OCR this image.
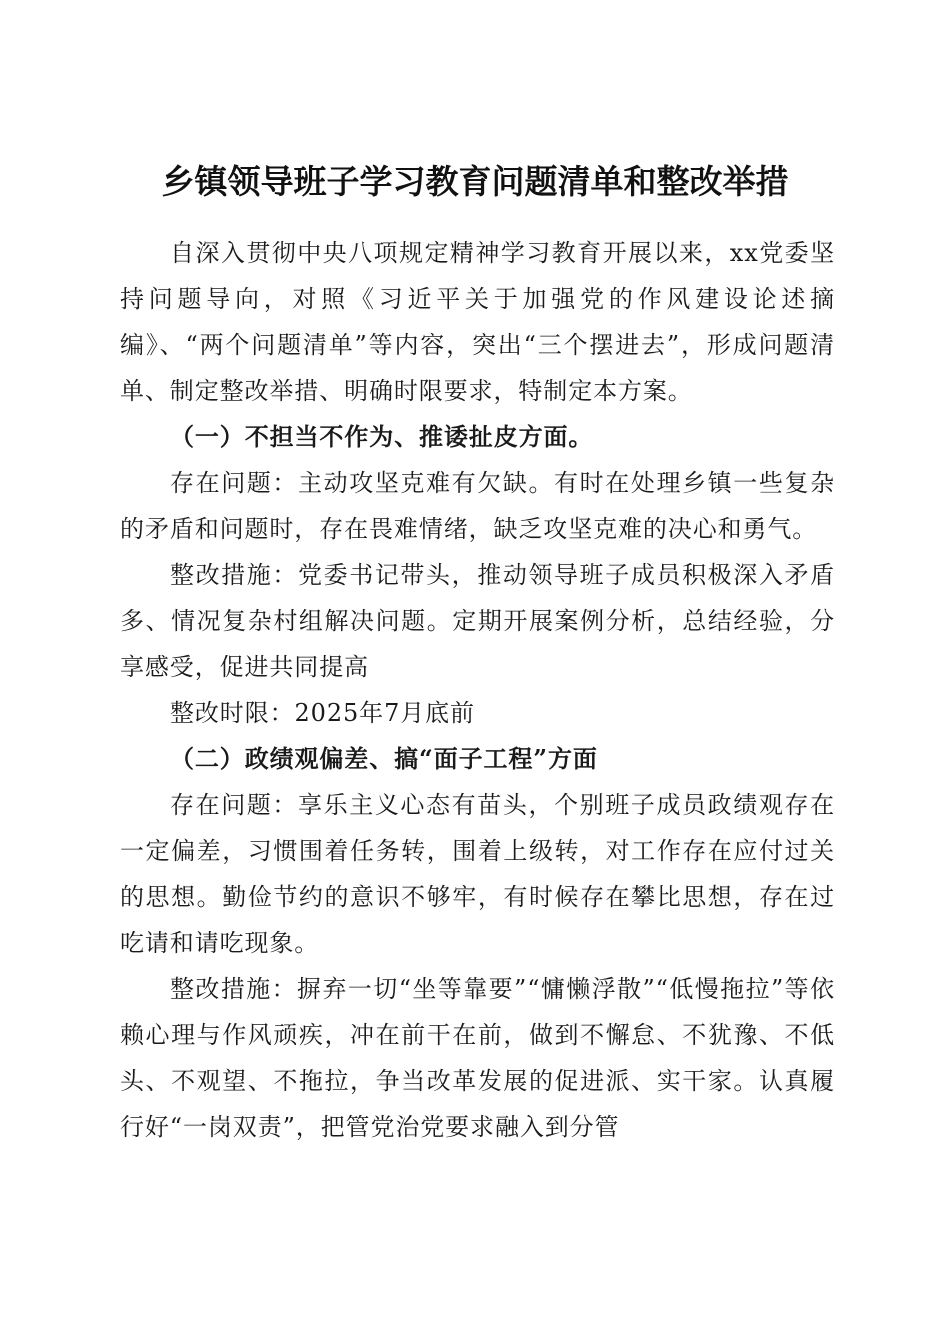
乡镇领导班子学习教育问题清单和整改举措

自深入贯彻中央八项规定精神学习教育开展以来，xx党委坚持问题导向，对照《习近平关于加强党的作风建设论述摘编》、“两个问题清单”等内容，突出“三个摆进去”，形成问题清单、制定整改举措、明确时限要求，特制定本方案。

（一）不担当不作为、推诿扯皮方面。

存在问题：主动攻坚克难有欠缺。有时在处理乡镇一些复杂的矛盾和问题时，存在畏难情绪，缺乏攻坚克难的决心和勇气。

整改措施：党委书记带头，推动领导班子成员积极深入矛盾多、情况复杂村组解决问题。定期开展案例分析，总结经验，分享感受，促进共同提高

整改时限：2025年7月底前

（二）政绩观偏差、搞“面子工程”方面

存在问题：享乐主义心态有苗头，个别班子成员政绩观存在一定偏差，习惯围着任务转，围着上级转，对工作存在应付过关的思想。勤俭节约的意识不够牢，有时候存在攀比思想，存在过吃请和请吃现象。

整改措施：摒弃一切“坐等靠要”“慵懒浮散”“低慢拖拉”等依赖心理与作风顽疾，冲在前干在前，做到不懈怠、不犹豫、不低头、不观望、不拖拉，争当改革发展的促进派、实干家。认真履行好“一岗双责”，把管党治党要求融入到分管
